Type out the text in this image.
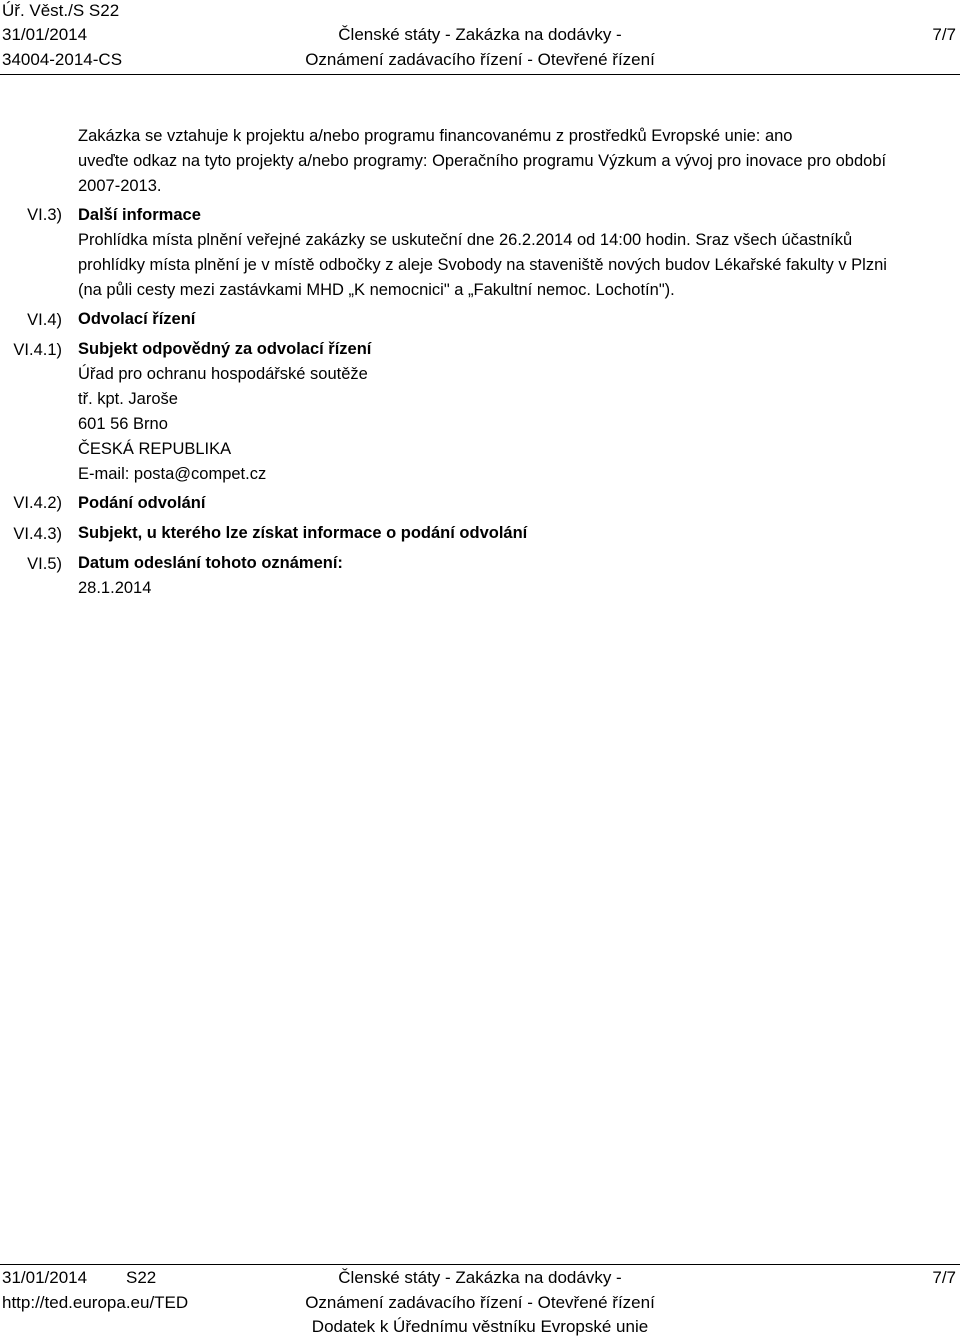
Úř. Věst./S S22
31/01/2014
34004-2014-CS
Členské státy - Zakázka na dodávky -
Oznámení zadávacího řízení - Otevřené řízení
7/7
Zakázka se vztahuje k projektu a/nebo programu financovanému z prostředků Evropské unie: ano
uveďte odkaz na tyto projekty a/nebo programy: Operačního programu Výzkum a vývoj pro inovace pro období
2007-2013.
VI.3) Další informace
Prohlídka místa plnění veřejné zakázky se uskuteční dne 26.2.2014 od 14:00 hodin. Sraz všech účastníků
prohlídky místa plnění je v místě odbočky z aleje Svobody na staveniště nových budov Lékařské fakulty v Plzni
(na půli cesty mezi zastávkami MHD „K nemocnici" a „Fakultní nemoc. Lochotín").
VI.4) Odvolací řízení
VI.4.1) Subjekt odpovědný za odvolací řízení
Úřad pro ochranu hospodářské soutěže
tř. kpt. Jaroše
601 56 Brno
ČESKÁ REPUBLIKA
E-mail: posta@compet.cz
VI.4.2) Podání odvolání
VI.4.3) Subjekt, u kterého lze získat informace o podání odvolání
VI.5) Datum odeslání tohoto oznámení:
28.1.2014
31/01/2014 S22
http://ted.europa.eu/TED
Členské státy - Zakázka na dodávky -
Oznámení zadávacího řízení - Otevřené řízení
Dodatek k Úřednímu věstníku Evropské unie
7/7
